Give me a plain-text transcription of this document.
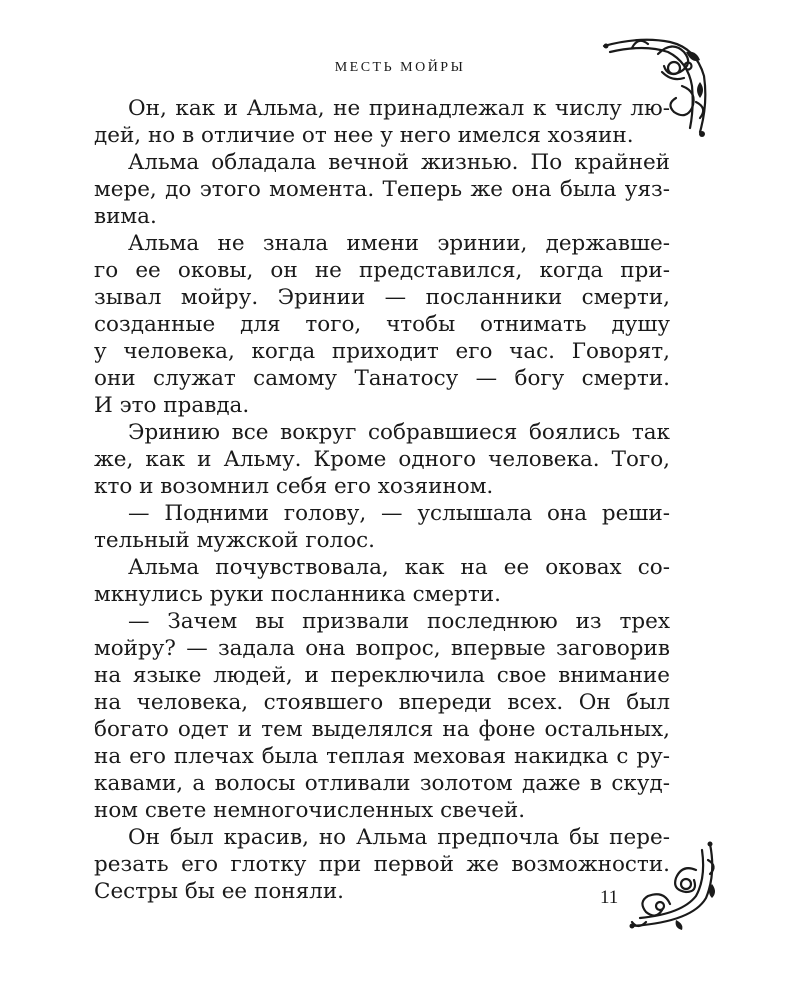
МЕСТЬ МОЙРЫ
Он, как и Альма, не принадлежал к числу лю-
дей, но в отличие от нее у него имелся хозяин.
Альма обладала вечной жизнью. По крайней
мере, до этого момента. Теперь же она была уяз-
вима.
Альма не знала имени эринии, державше-
го ее оковы, он не представился, когда при-
зывал мойру. Эринии — посланники смерти,
созданные для того, чтобы отнимать душу
у человека, когда приходит его час. Говорят,
они служат самому Танатосу — богу смерти.
И это правда.
Эринию все вокруг собравшиеся боялись так
же, как и Альму. Кроме одного человека. Того,
кто и возомнил себя его хозяином.
— Подними голову, — услышала она реши-
тельный мужской голос.
Альма почувствовала, как на ее оковах со-
мкнулись руки посланника смерти.
— Зачем вы призвали последнюю из трех
мойру? — задала она вопрос, впервые заговорив
на языке людей, и переключила свое внимание
на человека, стоявшего впереди всех. Он был
богато одет и тем выделялся на фоне остальных,
на его плечах была теплая меховая накидка с ру-
кавами, а волосы отливали золотом даже в скуд-
ном свете немногочисленных свечей.
Он был красив, но Альма предпочла бы пере-
резать его глотку при первой же возможности.
Сестры бы ее поняли.	11
